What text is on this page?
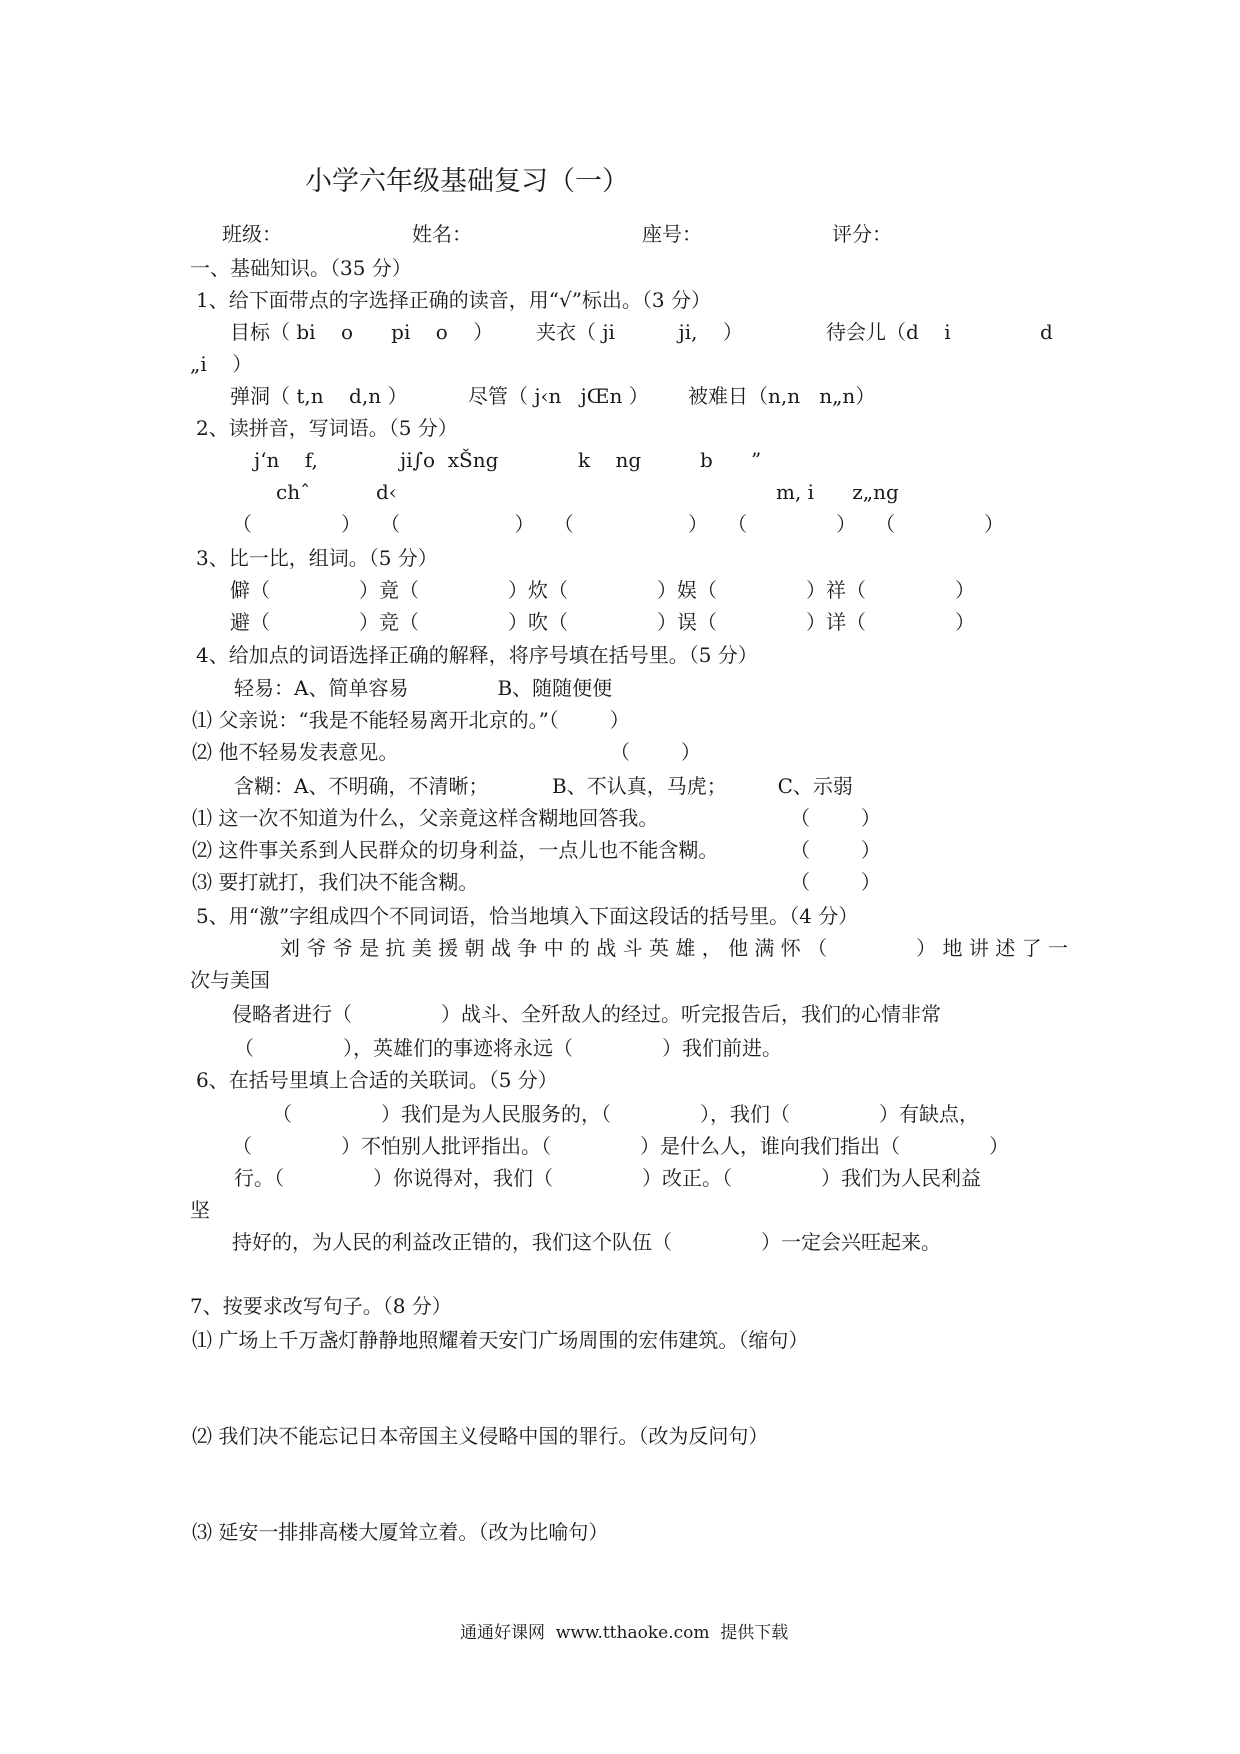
小学六年级基础复习（一）
班级：	姓名：	座号：	评分：
一、基础知识。（35 分）
1、给下面带点的字选择正确的读音，用“√”标出。（3 分）
目标（ bi    o      pi    o    ） 夹衣（ ji          ji,    ）	待会儿（d    i	d
„i    ）
弹洞（ t,n    d,n ）	尽管（ j‹n   jŒn ） 被难日（n,n   n„n）
2、读拼音，写词语。（5 分）
j‘n    f,	ji∫o  xŠng	k    ng	b      ”
chˆ	d‹	m, i      z„ng
（              ）   （                  ）   （                  ）   （              ）   （              ）
3、比一比，组词。（5 分）
僻（              ）竟（              ）炊（              ）娱（              ）祥（              ）
避（              ）竞（              ）吹（              ）误（              ）详（              ）
4、给加点的词语选择正确的解释，将序号填在括号里。（5 分）
轻易：A、简单容易              B、随随便便
⑴ 父亲说：“我是不能轻易离开北京的。”（        ）
⑵ 他不轻易发表意见。	（        ）
含糊：A、不明确，不清晰；          B、不认真，马虎；        C、示弱
⑴ 这一次不知道为什么，父亲竟这样含糊地回答我。	（        ）
⑵ 这件事关系到人民群众的切身利益，一点儿也不能含糊。	（        ）
⑶ 要打就打，我们决不能含糊。	（        ）
5、用“激”字组成四个不同词语，恰当地填入下面这段话的括号里。（4 分）
刘 爷 爷 是 抗 美 援 朝 战 争 中 的 战 斗 英 雄 ， 他 满 怀 （              ） 地 讲 述 了 一
次与美国
侵略者进行（              ）战斗、全歼敌人的经过。听完报告后，我们的心情非常
（              ），英雄们的事迹将永远（              ）我们前进。
6、在括号里填上合适的关联词。（5 分）
（              ）我们是为人民服务的，（              ），我们（              ）有缺点，
（              ）不怕别人批评指出。（              ）是什么人，谁向我们指出（              ）
行。（              ）你说得对，我们（              ）改正。（              ）我们为人民利益
坚
持好的，为人民的利益改正错的，我们这个队伍（              ）一定会兴旺起来。
7、按要求改写句子。（8 分）
⑴ 广场上千万盏灯静静地照耀着天安门广场周围的宏伟建筑。（缩句）
⑵ 我们决不能忘记日本帝国主义侵略中国的罪行。（改为反问句）
⑶ 延安一排排高楼大厦耸立着。（改为比喻句）
通通好课网  www.tthaoke.com  提供下载
